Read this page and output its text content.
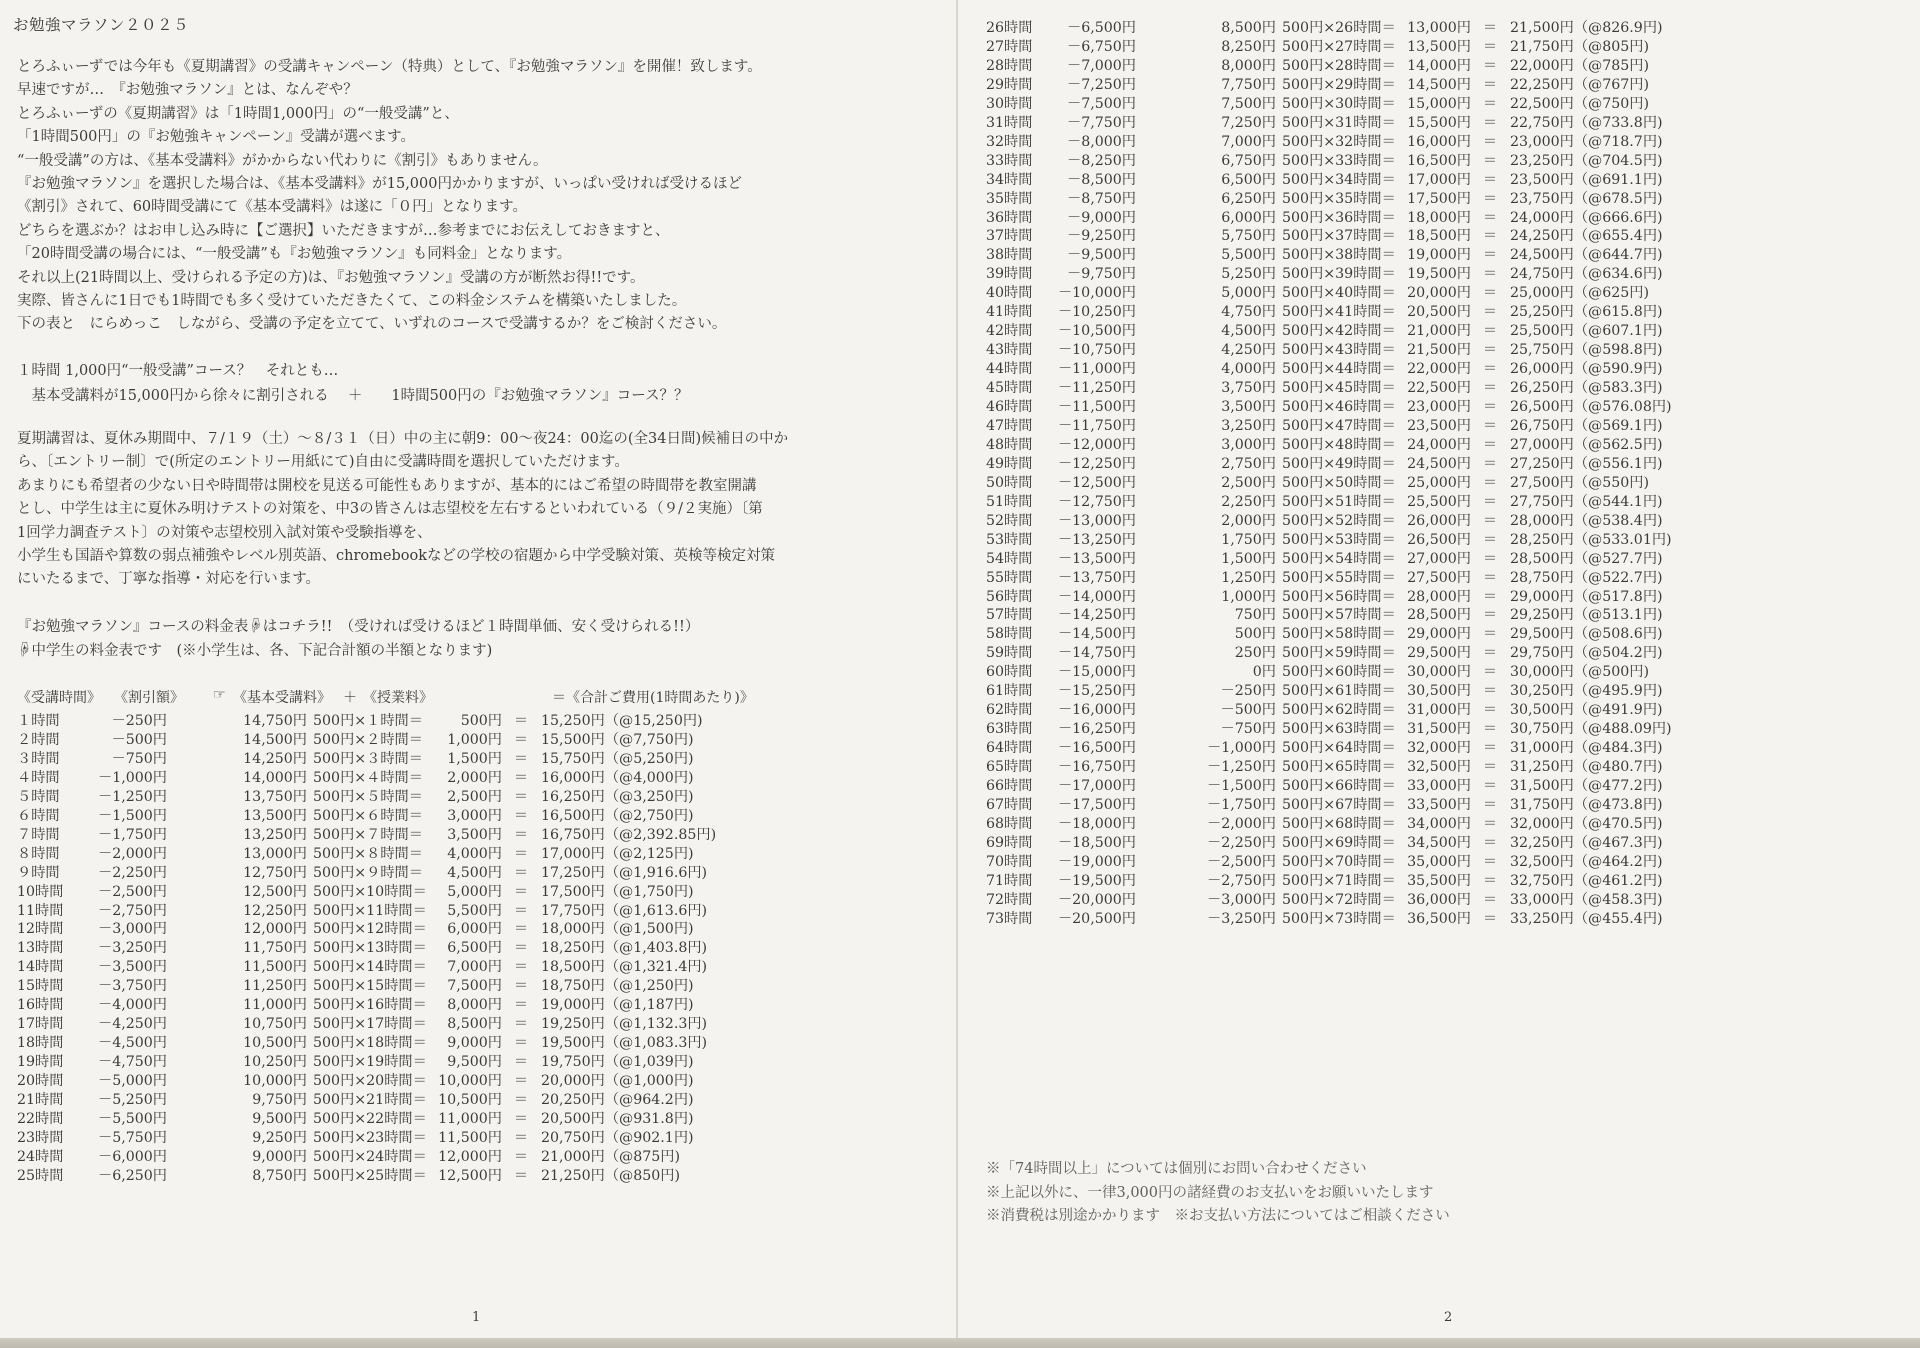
お勉強マラソン２０２５
とろふぃーずでは今年も《夏期講習》の受講キャンペーン（特典）として、『お勉強マラソン』を開催！致します。
早速ですが…　『お勉強マラソン』とは、なんぞや？
とろふぃーずの《夏期講習》は「1時間1,000円」の“一般受講”と、
「1時間500円」の『お勉強キャンペーン』受講が選べます。
“一般受講”の方は、《基本受講料》がかからない代わりに《割引》もありません。
『お勉強マラソン』を選択した場合は、《基本受講料》が15,000円かかりますが、いっぱい受ければ受けるほど
《割引》されて、60時間受講にて《基本受講料》は遂に「０円」となります。
どちらを選ぶか？はお申し込み時に【ご選択】いただきますが…参考までにお伝えしておきますと、
「20時間受講の場合には、“一般受講”も『お勉強マラソン』も同料金」となります。
それ以上(21時間以上、受けられる予定の方)は、『お勉強マラソン』受講の方が断然お得!!です。
実際、皆さんに1日でも1時間でも多く受けていただきたくて、この料金システムを構築いたしました。
下の表と　にらめっこ　しながら、受講の予定を立てて、いずれのコースで受講するか？をご検討ください。
１時間 1,000円“一般受講”コース？　それとも…
　基本受講料が15,000円から徐々に割引される　 ＋　　1時間500円の『お勉強マラソン』コース？？
夏期講習は、夏休み期間中、７/１９（土）～８/３１（日）中の主に朝9：00～夜24：00迄の(全34日間)候補日の中か
ら、〔エントリー制〕で(所定のエントリー用紙にて)自由に受講時間を選択していただけます。
あまりにも希望者の少ない日や時間帯は開校を見送る可能性もありますが、基本的にはご希望の時間帯を教室開講
とし、中学生は主に夏休み明けテストの対策を、中3の皆さんは志望校を左右するといわれている（９/２実施）〔第
1回学力調査テスト〕の対策や志望校別入試対策や受験指導を、
小学生も国語や算数の弱点補強やレベル別英語、chromebookなどの学校の宿題から中学受験対策、英検等検定対策
にいたるまで、丁寧な指導・対応を行います。
『お勉強マラソン』コースの料金表☟はコチラ!!　（受ければ受けるほど１時間単価、安く受けられる!!）
☟中学生の料金表です　(※小学生は、各、下記合計額の半額となります)
《受講時間》 《割引額》 ☞ 《基本受講料》 ＋ 《授業料》	＝《合計ご費用(1時間あたり)》
１時間	－250円	14,750円 500円×１時間＝	500円 ＝ 15,250円（@15,250円)
２時間	－500円	14,500円 500円×２時間＝	1,000円 ＝ 15,500円（@7,750円)
３時間	－750円	14,250円 500円×３時間＝	1,500円 ＝ 15,750円（@5,250円)
４時間	－1,000円	14,000円 500円×４時間＝	2,000円 ＝ 16,000円（@4,000円)
５時間	－1,250円	13,750円 500円×５時間＝	2,500円 ＝ 16,250円（@3,250円)
６時間	－1,500円	13,500円 500円×６時間＝	3,000円 ＝ 16,500円（@2,750円)
７時間	－1,750円	13,250円 500円×７時間＝	3,500円 ＝ 16,750円（@2,392.85円)
８時間	－2,000円	13,000円 500円×８時間＝	4,000円 ＝ 17,000円（@2,125円)
９時間	－2,250円	12,750円 500円×９時間＝	4,500円 ＝ 17,250円（@1,916.6円)
10時間	－2,500円	12,500円 500円×10時間＝	5,000円 ＝ 17,500円（@1,750円)
11時間	－2,750円	12,250円 500円×11時間＝	5,500円 ＝ 17,750円（@1,613.6円)
12時間	－3,000円	12,000円 500円×12時間＝	6,000円 ＝ 18,000円（@1,500円)
13時間	－3,250円	11,750円 500円×13時間＝	6,500円 ＝ 18,250円（@1,403.8円)
14時間	－3,500円	11,500円 500円×14時間＝	7,000円 ＝ 18,500円（@1,321.4円)
15時間	－3,750円	11,250円 500円×15時間＝	7,500円 ＝ 18,750円（@1,250円)
16時間	－4,000円	11,000円 500円×16時間＝	8,000円 ＝ 19,000円（@1,187円)
17時間	－4,250円	10,750円 500円×17時間＝	8,500円 ＝ 19,250円（@1,132.3円)
18時間	－4,500円	10,500円 500円×18時間＝	9,000円 ＝ 19,500円（@1,083.3円)
19時間	－4,750円	10,250円 500円×19時間＝	9,500円 ＝ 19,750円（@1,039円)
20時間	－5,000円	10,000円 500円×20時間＝ 10,000円 ＝ 20,000円（@1,000円)
21時間	－5,250円	9,750円 500円×21時間＝ 10,500円 ＝ 20,250円（@964.2円)
22時間	－5,500円	9,500円 500円×22時間＝ 11,000円 ＝ 20,500円（@931.8円)
23時間	－5,750円	9,250円 500円×23時間＝ 11,500円 ＝ 20,750円（@902.1円)
24時間	－6,000円	9,000円 500円×24時間＝ 12,000円 ＝ 21,000円（@875円)
25時間	－6,250円	8,750円 500円×25時間＝ 12,500円 ＝ 21,250円（@850円)
1
26時間	－6,500円	8,500円 500円×26時間＝ 13,000円 ＝ 21,500円（@826.9円)
27時間	－6,750円	8,250円 500円×27時間＝ 13,500円 ＝ 21,750円（@805円)
28時間	－7,000円	8,000円 500円×28時間＝ 14,000円 ＝ 22,000円（@785円)
29時間	－7,250円	7,750円 500円×29時間＝ 14,500円 ＝ 22,250円（@767円)
30時間	－7,500円	7,500円 500円×30時間＝ 15,000円 ＝ 22,500円（@750円)
31時間	－7,750円	7,250円 500円×31時間＝ 15,500円 ＝ 22,750円（@733.8円)
32時間	－8,000円	7,000円 500円×32時間＝ 16,000円 ＝ 23,000円（@718.7円)
33時間	－8,250円	6,750円 500円×33時間＝ 16,500円 ＝ 23,250円（@704.5円)
34時間	－8,500円	6,500円 500円×34時間＝ 17,000円 ＝ 23,500円（@691.1円)
35時間	－8,750円	6,250円 500円×35時間＝ 17,500円 ＝ 23,750円（@678.5円)
36時間	－9,000円	6,000円 500円×36時間＝ 18,000円 ＝ 24,000円（@666.6円)
37時間	－9,250円	5,750円 500円×37時間＝ 18,500円 ＝ 24,250円（@655.4円)
38時間	－9,500円	5,500円 500円×38時間＝ 19,000円 ＝ 24,500円（@644.7円)
39時間	－9,750円	5,250円 500円×39時間＝ 19,500円 ＝ 24,750円（@634.6円)
40時間	－10,000円	5,000円 500円×40時間＝ 20,000円 ＝ 25,000円（@625円)
41時間	－10,250円	4,750円 500円×41時間＝ 20,500円 ＝ 25,250円（@615.8円)
42時間	－10,500円	4,500円 500円×42時間＝ 21,000円 ＝ 25,500円（@607.1円)
43時間	－10,750円	4,250円 500円×43時間＝ 21,500円 ＝ 25,750円（@598.8円)
44時間	－11,000円	4,000円 500円×44時間＝ 22,000円 ＝ 26,000円（@590.9円)
45時間	－11,250円	3,750円 500円×45時間＝ 22,500円 ＝ 26,250円（@583.3円)
46時間	－11,500円	3,500円 500円×46時間＝ 23,000円 ＝ 26,500円（@576.08円)
47時間	－11,750円	3,250円 500円×47時間＝ 23,500円 ＝ 26,750円（@569.1円)
48時間	－12,000円	3,000円 500円×48時間＝ 24,000円 ＝ 27,000円（@562.5円)
49時間	－12,250円	2,750円 500円×49時間＝ 24,500円 ＝ 27,250円（@556.1円)
50時間	－12,500円	2,500円 500円×50時間＝ 25,000円 ＝ 27,500円（@550円)
51時間	－12,750円	2,250円 500円×51時間＝ 25,500円 ＝ 27,750円（@544.1円)
52時間	－13,000円	2,000円 500円×52時間＝ 26,000円 ＝ 28,000円（@538.4円)
53時間	－13,250円	1,750円 500円×53時間＝ 26,500円 ＝ 28,250円（@533.01円)
54時間	－13,500円	1,500円 500円×54時間＝ 27,000円 ＝ 28,500円（@527.7円)
55時間	－13,750円	1,250円 500円×55時間＝ 27,500円 ＝ 28,750円（@522.7円)
56時間	－14,000円	1,000円 500円×56時間＝ 28,000円 ＝ 29,000円（@517.8円)
57時間	－14,250円	750円 500円×57時間＝ 28,500円 ＝ 29,250円（@513.1円)
58時間	－14,500円	500円 500円×58時間＝ 29,000円 ＝ 29,500円（@508.6円)
59時間	－14,750円	250円 500円×59時間＝ 29,500円 ＝ 29,750円（@504.2円)
60時間	－15,000円	0円 500円×60時間＝ 30,000円 ＝ 30,000円（@500円)
61時間	－15,250円	－250円 500円×61時間＝ 30,500円 ＝ 30,250円（@495.9円)
62時間	－16,000円	－500円 500円×62時間＝ 31,000円 ＝ 30,500円（@491.9円)
63時間	－16,250円	－750円 500円×63時間＝ 31,500円 ＝ 30,750円（@488.09円)
64時間	－16,500円	－1,000円 500円×64時間＝ 32,000円 ＝ 31,000円（@484.3円)
65時間	－16,750円	－1,250円 500円×65時間＝ 32,500円 ＝ 31,250円（@480.7円)
66時間	－17,000円	－1,500円 500円×66時間＝ 33,000円 ＝ 31,500円（@477.2円)
67時間	－17,500円	－1,750円 500円×67時間＝ 33,500円 ＝ 31,750円（@473.8円)
68時間	－18,000円	－2,000円 500円×68時間＝ 34,000円 ＝ 32,000円（@470.5円)
69時間	－18,500円	－2,250円 500円×69時間＝ 34,500円 ＝ 32,250円（@467.3円)
70時間	－19,000円	－2,500円 500円×70時間＝ 35,000円 ＝ 32,500円（@464.2円)
71時間	－19,500円	－2,750円 500円×71時間＝ 35,500円 ＝ 32,750円（@461.2円)
72時間	－20,000円	－3,000円 500円×72時間＝ 36,000円 ＝ 33,000円（@458.3円)
73時間	－20,500円	－3,250円 500円×73時間＝ 36,500円 ＝ 33,250円（@455.4円)
※「74時間以上」については個別にお問い合わせください
※上記以外に、一律3,000円の諸経費のお支払いをお願いいたします
※消費税は別途かかります　※お支払い方法についてはご相談ください
2
